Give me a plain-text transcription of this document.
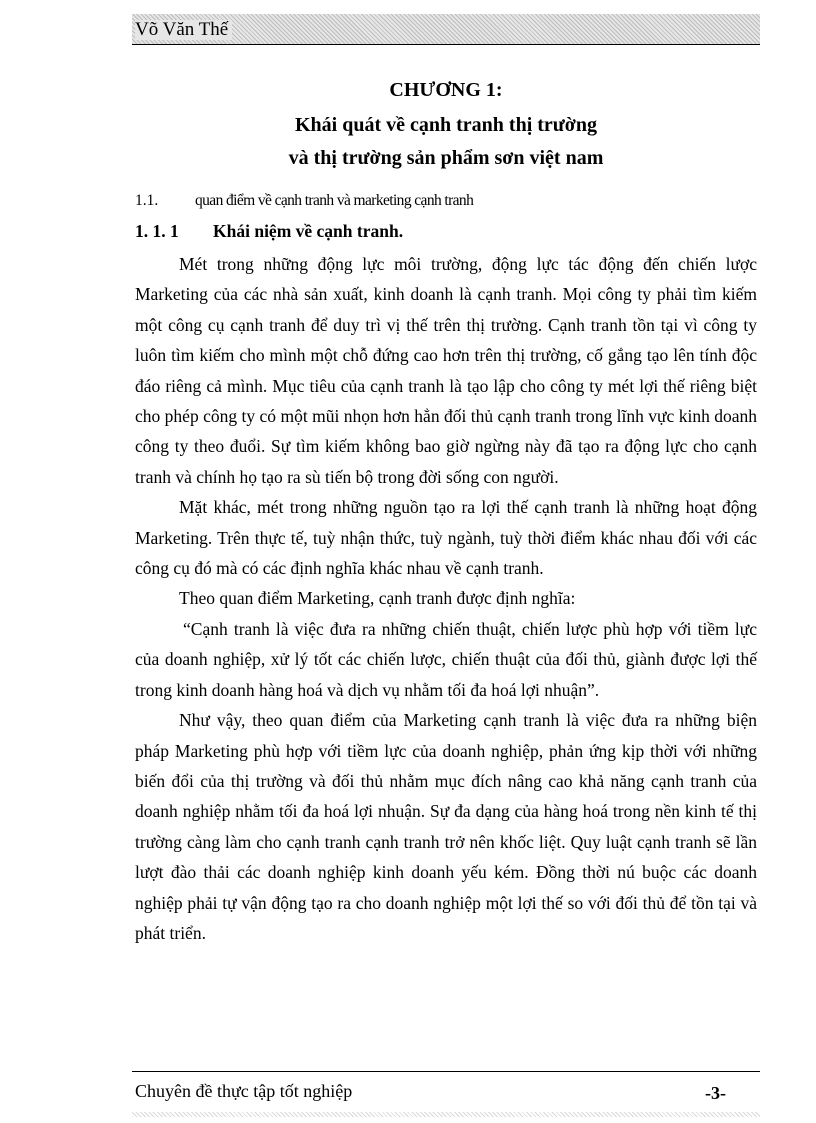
Võ Văn Thế
CHƯƠNG 1:
Khái quát về cạnh tranh thị trường
và thị trường sản phẩm sơn việt nam
1.1. quan điểm về cạnh tranh và marketing cạnh tranh
1. 1. 1 Khái niệm về cạnh tranh.

Mét trong những động lực môi trường, động lực tác động đến chiến lược Marketing của các nhà sản xuất, kinh doanh là cạnh tranh. Mọi công ty phải tìm kiếm một công cụ cạnh tranh để duy trì vị thế trên thị trường. Cạnh tranh tồn tại vì công ty luôn tìm kiếm cho mình một chỗ đứng cao hơn trên thị trường, cố gắng tạo lên tính độc đáo riêng cả mình. Mục tiêu của cạnh tranh là tạo lập cho công ty mét lợi thế riêng biệt cho phép công ty có một mũi nhọn hơn hẳn đối thủ cạnh tranh trong lĩnh vực kinh doanh công ty theo đuổi. Sự tìm kiếm không bao giờ ngừng này đã tạo ra động lực cho cạnh tranh và chính họ tạo ra sù tiến bộ trong đời sống con người.

Mặt khác, mét trong những nguồn tạo ra lợi thế cạnh tranh là những hoạt động Marketing. Trên thực tế, tuỳ nhận thức, tuỳ ngành, tuỳ thời điểm khác nhau đối với các công cụ đó mà có các định nghĩa khác nhau về cạnh tranh.

Theo quan điểm Marketing, cạnh tranh được định nghĩa:

“Cạnh tranh là việc đưa ra những chiến thuật, chiến lược phù hợp với tiềm lực của doanh nghiệp, xử lý tốt các chiến lược, chiến thuật của đối thủ, giành được lợi thế trong kinh doanh hàng hoá và dịch vụ nhằm tối đa hoá lợi nhuận”.

Như vậy, theo quan điểm của Marketing cạnh tranh là việc đưa ra những biện pháp Marketing phù hợp với tiềm lực của doanh nghiệp, phản ứng kịp thời với những biến đổi của thị trường và đối thủ nhằm mục đích nâng cao khả năng cạnh tranh của doanh nghiệp nhằm tối đa hoá lợi nhuận. Sự đa dạng của hàng hoá trong nền kinh tế thị trường càng làm cho cạnh tranh cạnh tranh trở nên khốc liệt. Quy luật cạnh tranh sẽ lần lượt đào thải các doanh nghiệp kinh doanh yếu kém. Đồng thời nú buộc các doanh nghiệp phải tự vận động tạo ra cho doanh nghiệp một lợi thế so với đối thủ để tồn tại và phát triển.

Chuyên đề thực tập tốt nghiệp	-3-
